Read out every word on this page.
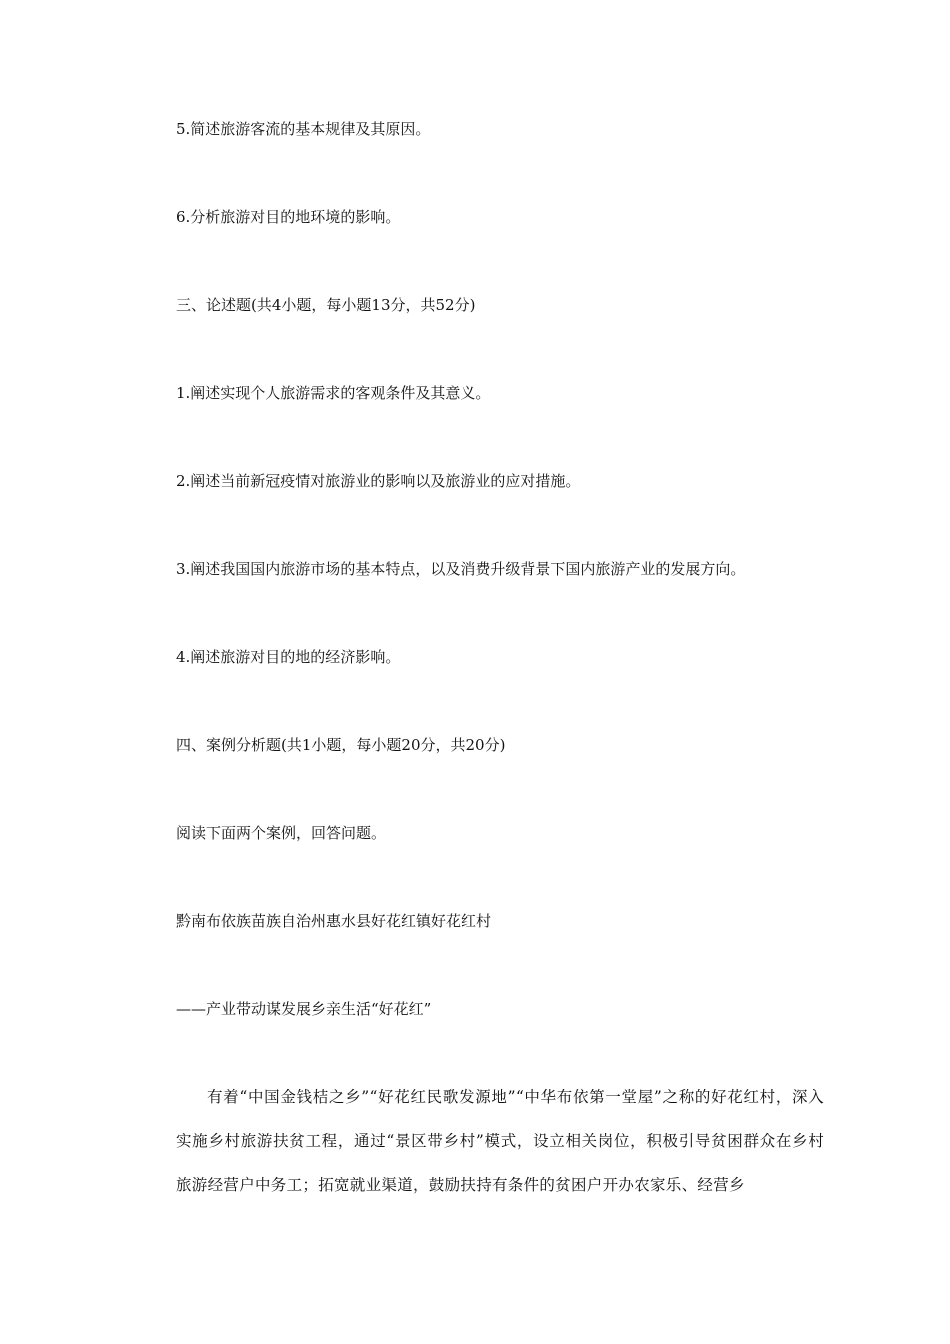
5.简述旅游客流的基本规律及其原因。
6.分析旅游对目的地环境的影响。
三、论述题(共4小题，每小题13分，共52分)
1.阐述实现个人旅游需求的客观条件及其意义。
2.阐述当前新冠疫情对旅游业的影响以及旅游业的应对措施。
3.阐述我国国内旅游市场的基本特点，以及消费升级背景下国内旅游产业的发展方向。
4.阐述旅游对目的地的经济影响。
四、案例分析题(共1小题，每小题20分，共20分)
阅读下面两个案例，回答问题。
黔南布依族苗族自治州惠水县好花红镇好花红村
——产业带动谋发展乡亲生活“好花红”
有着“中国金钱桔之乡”“好花红民歌发源地”“中华布依第一堂屋”之称的好花红村，深入实施乡村旅游扶贫工程，通过“景区带乡村”模式，设立相关岗位，积极引导贫困群众在乡村旅游经营户中务工；拓宽就业渠道，鼓励扶持有条件的贫困户开办农家乐、经营乡
